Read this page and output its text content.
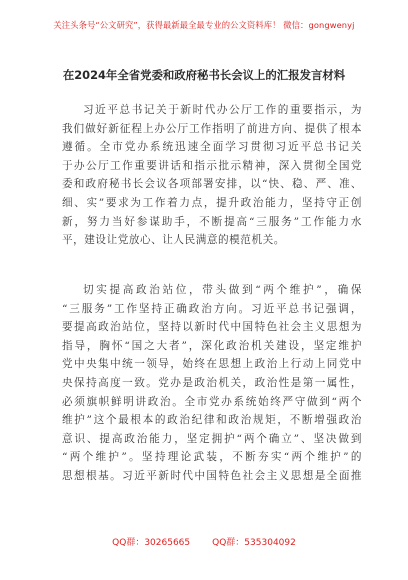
关注头条号“公文研究”，获得最新最全最专业的公文资料库！ 微信：gongwenyj
在2024年全省党委和政府秘书长会议上的汇报发言材料
习近平总书记关于新时代办公厅工作的重要指示，为
我们做好新征程上办公厅工作指明了前进方向、提供了根本
遵循。全市党办系统迅速全面学习贯彻习近平总书记关
于办公厅工作重要讲话和指示批示精神，深入贯彻全国党
委和政府秘书长会议各项部署安排，以“快、稳、严、准、
细、实”要求为工作着力点，提升政治能力，坚持守正创
新，努力当好参谋助手，不断提高“三服务”工作能力水
平，建设让党放心、让人民满意的模范机关。
切实提高政治站位，带头做到“两个维护”，确保
“三服务”工作坚持正确政治方向。习近平总书记强调，
要提高政治站位，坚持以新时代中国特色社会主义思想为
指导，胸怀“国之大者”，深化政治机关建设，坚定维护
党中央集中统一领导，始终在思想上政治上行动上同党中
央保持高度一致。党办是政治机关，政治性是第一属性，
必须旗帜鲜明讲政治。全市党办系统始终严守做到“两个
维护”这个最根本的政治纪律和政治规矩，不断增强政治
意识、提高政治能力，坚定拥护“两个确立”、坚决做到
“两个维护”。坚持理论武装，不断夯实“两个维护”的
思想根基。习近平新时代中国特色社会主义思想是全面推
QQ群：30265665 QQ群：535304092
